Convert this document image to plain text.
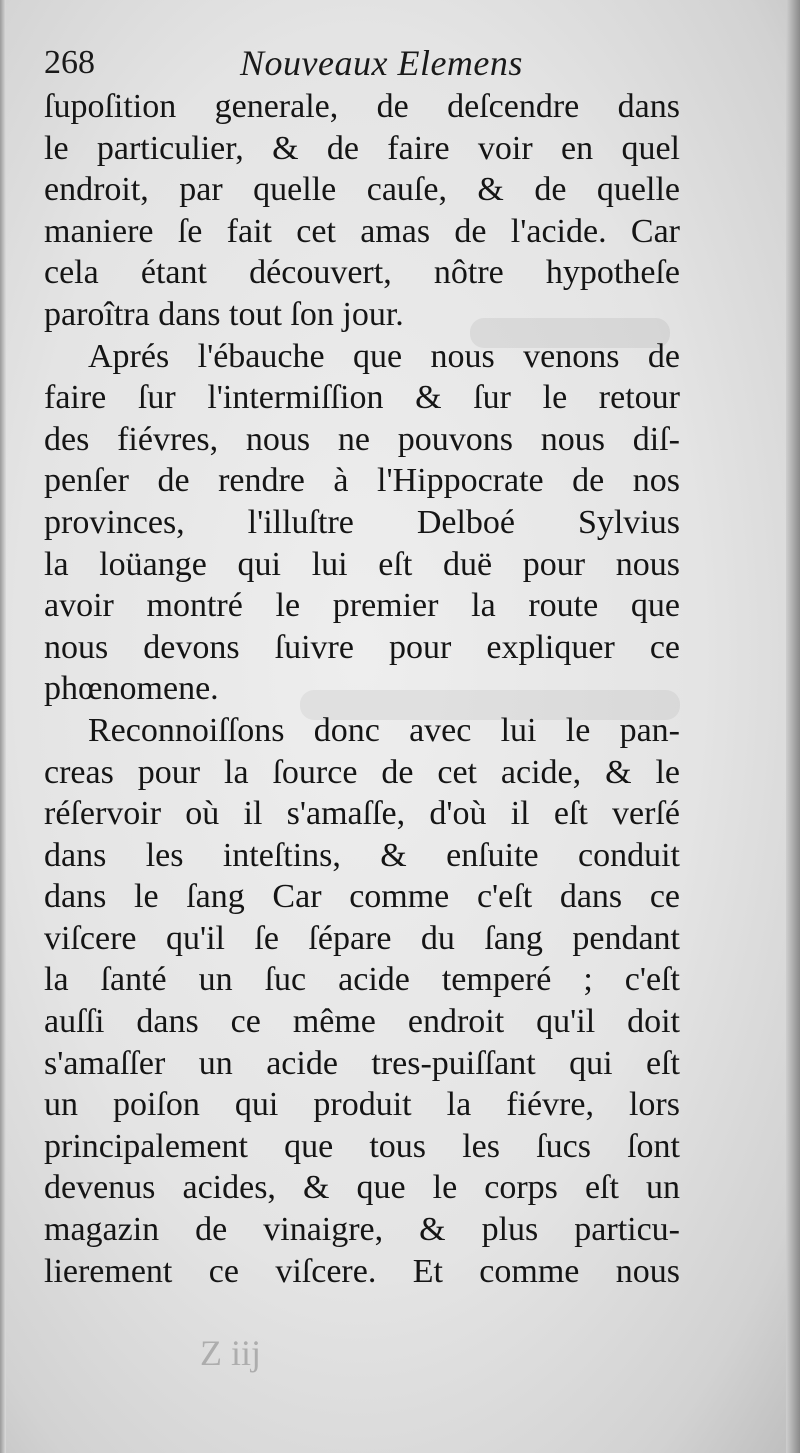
268	Nouveaux Elemens
ſupoſition generale, de deſcendre dans
le particulier, & de faire voir en quel
endroit, par quelle cauſe, & de quelle
maniere ſe fait cet amas de l'acide. Car
cela étant découvert, nôtre hypotheſe
paroîtra dans tout ſon jour.
Aprés l'ébauche que nous venons de
faire ſur l'intermiſſion & ſur le retour
des fiévres, nous ne pouvons nous diſ-
penſer de rendre à l'Hippocrate de nos
provinces, l'illuſtre Delboé Sylvius
la loüange qui lui eſt duë pour nous
avoir montré le premier la route que
nous devons ſuivre pour expliquer ce
phœnomene.
Reconnoiſſons donc avec lui le pan-
creas pour la ſource de cet acide, & le
réſervoir où il s'amaſſe, d'où il eſt verſé
dans les inteſtins, & enſuite conduit
dans le ſang Car comme c'eſt dans ce
viſcere qu'il ſe ſépare du ſang pendant
la ſanté un ſuc acide temperé ; c'eſt
auſſi dans ce même endroit qu'il doit
s'amaſſer un acide tres-puiſſant qui eſt
un poiſon qui produit la fiévre, lors
principalement que tous les ſucs ſont
devenus acides, & que le corps eſt un
magazin de vinaigre, & plus particu-
lierement ce viſcere. Et comme nous
Z iij
